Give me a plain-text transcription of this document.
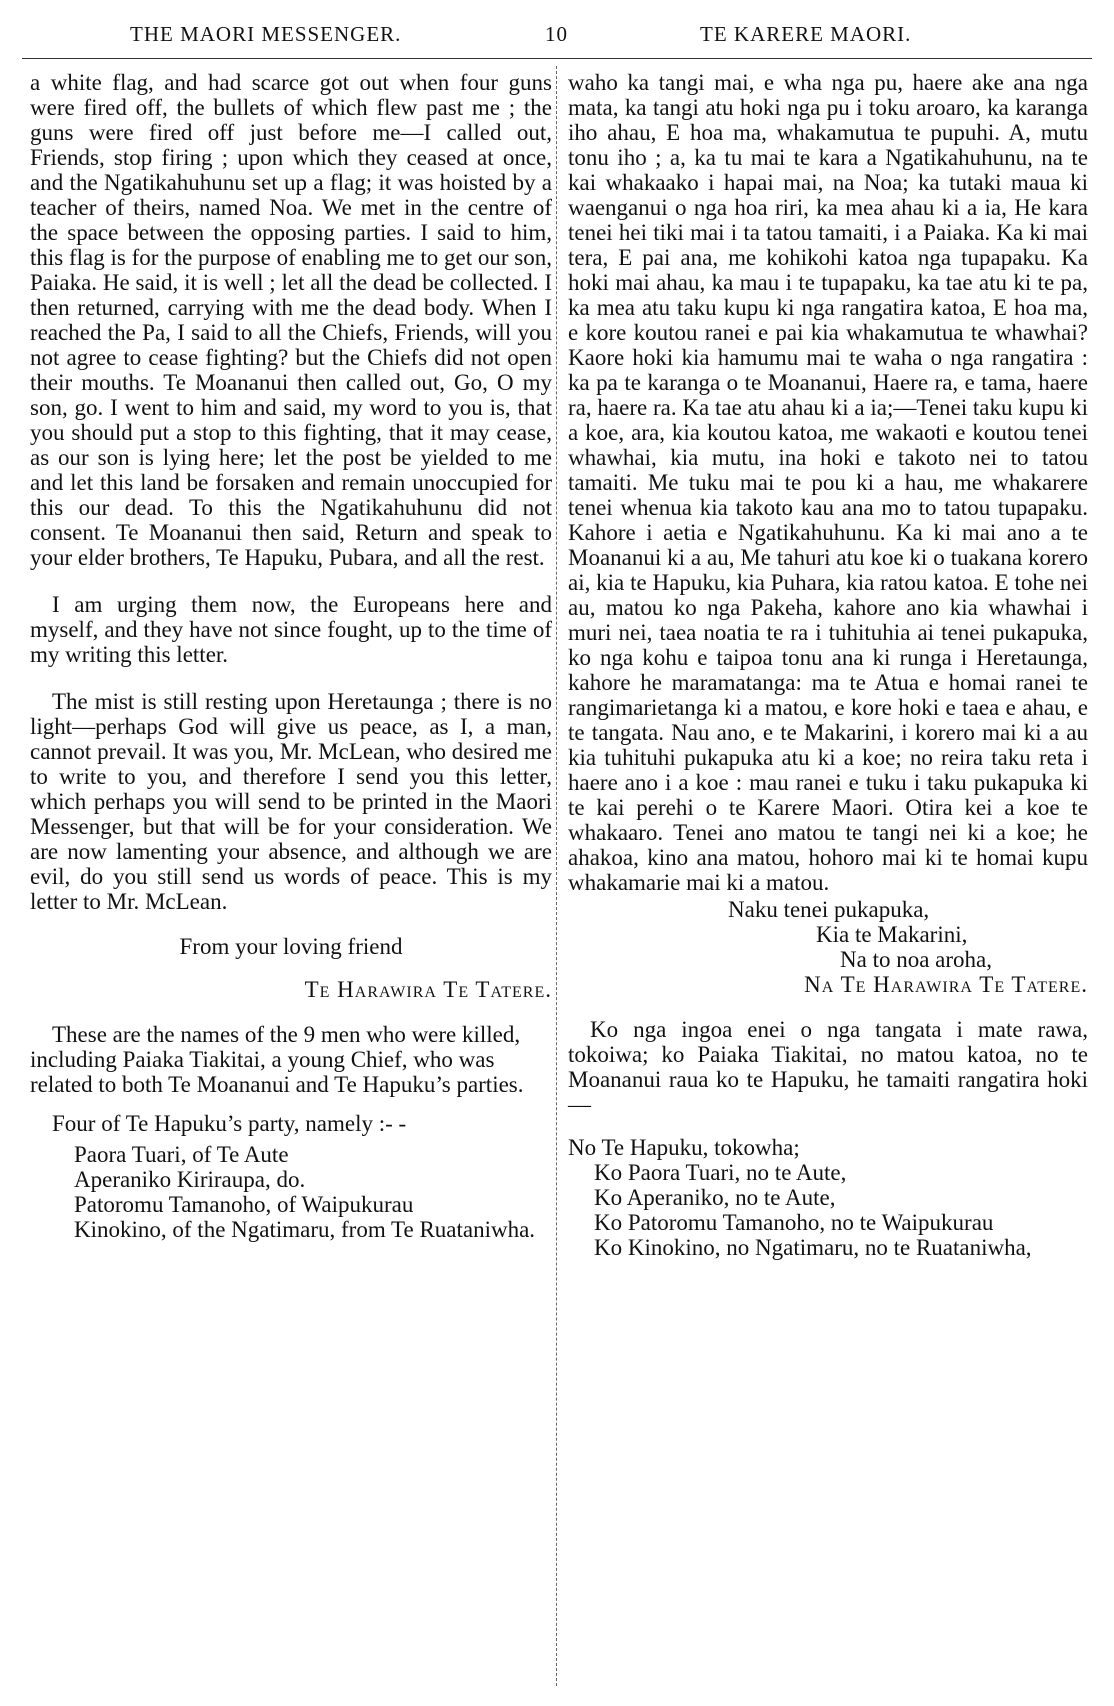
THE MAORI MESSENGER.	10	TE KARERE MAORI.

a white flag, and had scarce got out when four guns were fired off, the bullets of which flew past me ; the guns were fired off just before me—I called out, Friends, stop firing ; upon which they ceased at once, and the Ngatikahuhunu set up a flag; it was hoisted by a teacher of theirs, named Noa. We met in the centre of the space between the opposing parties. I said to him, this flag is for the purpose of enabling me to get our son, Paiaka. He said, it is well ; let all the dead be collected. I then returned, carrying with me the dead body. When I reached the Pa, I said to all the Chiefs, Friends, will you not agree to cease fighting? but the Chiefs did not open their mouths. Te Moananui then called out, Go, O my son, go. I went to him and said, my word to you is, that you should put a stop to this fighting, that it may cease, as our son is lying here; let the post be yielded to me and let this land be forsaken and remain unoccupied for this our dead. To this the Ngatikahuhunu did not consent. Te Moananui then said, Return and speak to your elder brothers, Te Hapuku, Pubara, and all the rest.

I am urging them now, the Europeans here and myself, and they have not since fought, up to the time of my writing this letter.

The mist is still resting upon Heretaunga ; there is no light—perhaps God will give us peace, as I, a man, cannot prevail. It was you, Mr. McLean, who desired me to write to you, and therefore I send you this letter, which perhaps you will send to be printed in the Maori Messenger, but that will be for your consideration. We are now lamenting your absence, and although we are evil, do you still send us words of peace. This is my letter to Mr. McLean.

From your loving friend

Te Harawira Te Tatere.

These are the names of the 9 men who were killed, including Paiaka Tiakitai, a young Chief, who was related to both Te Moananui and Te Hapuku’s parties.

Four of Te Hapuku’s party, namely :- -

Paora Tuari, of Te Aute
Aperaniko Kiriraupa, do.
Patoromu Tamanoho, of Waipukurau
Kinokino, of the Ngatimaru, from Te Ruataniwha.

waho ka tangi mai, e wha nga pu, haere ake ana nga mata, ka tangi atu hoki nga pu i toku aroaro, ka karanga iho ahau, E hoa ma, whakamutua te pupuhi. A, mutu tonu iho ; a, ka tu mai te kara a Ngatikahuhunu, na te kai whakaako i hapai mai, na Noa; ka tutaki maua ki waenganui o nga hoa riri, ka mea ahau ki a ia, He kara tenei hei tiki mai i ta tatou tamaiti, i a Paiaka. Ka ki mai tera, E pai ana, me kohikohi katoa nga tupapaku. Ka hoki mai ahau, ka mau i te tupapaku, ka tae atu ki te pa, ka mea atu taku kupu ki nga rangatira katoa, E hoa ma, e kore koutou ranei e pai kia whakamutua te whawhai? Kaore hoki kia hamumu mai te waha o nga rangatira : ka pa te karanga o te Moananui, Haere ra, e tama, haere ra, haere ra. Ka tae atu ahau ki a ia;—Tenei taku kupu ki a koe, ara, kia koutou katoa, me wakaoti e koutou tenei whawhai, kia mutu, ina hoki e takoto nei to tatou tamaiti. Me tuku mai te pou ki a hau, me whakarere tenei whenua kia takoto kau ana mo to tatou tupapaku. Kahore i aetia e Ngatikahuhunu. Ka ki mai ano a te Moananui ki a au, Me tahuri atu koe ki o tuakana korero ai, kia te Hapuku, kia Puhara, kia ratou katoa. E tohe nei au, matou ko nga Pakeha, kahore ano kia whawhai i muri nei, taea noatia te ra i tuhituhia ai tenei pukapuka, ko nga kohu e taipoa tonu ana ki runga i Heretaunga, kahore he maramatanga: ma te Atua e homai ranei te rangimarietanga ki a matou, e kore hoki e taea e ahau, e te tangata. Nau ano, e te Makarini, i korero mai ki a au kia tuhituhi pukapuka atu ki a koe; no reira taku reta i haere ano i a koe : mau ranei e tuku i taku pukapuka ki te kai perehi o te Karere Maori. Otira kei a koe te whakaaro. Tenei ano matou te tangi nei ki a koe; he ahakoa, kino ana matou, hohoro mai ki te homai kupu whakamarie mai ki a matou.

Naku tenei pukapuka,

Kia te Makarini,

Na to noa aroha,

Na Te Harawira Te Tatere.

Ko nga ingoa enei o nga tangata i mate rawa, tokoiwa; ko Paiaka Tiakitai, no matou katoa, no te Moananui raua ko te Hapuku, he tamaiti rangatira hoki—

No Te Hapuku, tokowha;

Ko Paora Tuari, no te Aute,
Ko Aperaniko, no te Aute,
Ko Patoromu Tamanoho, no te Waipukurau
Ko Kinokino, no Ngatimaru, no te Ruataniwha,
